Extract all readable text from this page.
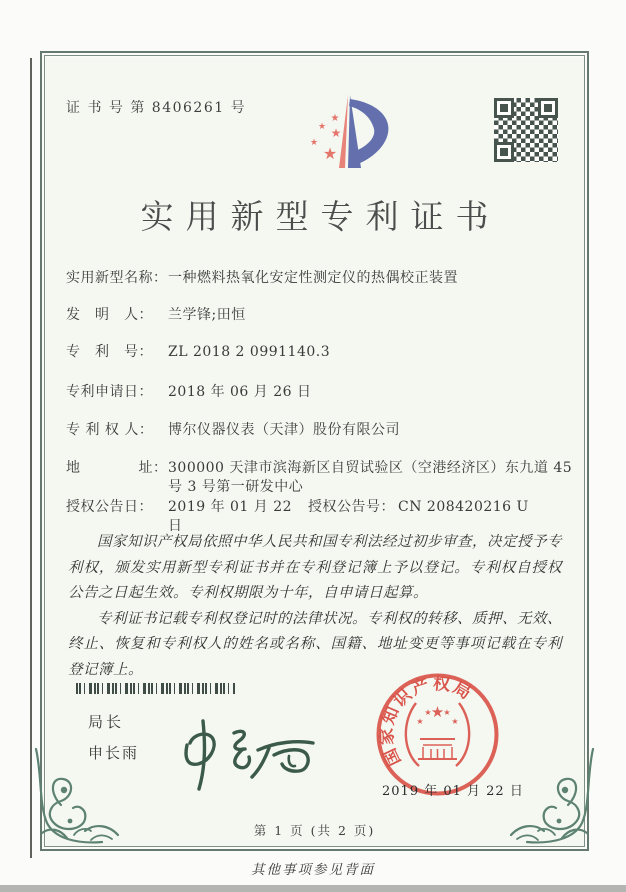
证 书 号 第 8406261 号
★
★ ★
★
★
实用新型专利证书
实用新型名称： 一种燃料热氧化安定性测定仪的热偶校正装置
发　明　人：	兰学锋;田恒
专　利　号：	ZL 2018 2 0991140.3
专利申请日：	2018 年 06 月 26 日
专 利 权 人：	博尔仪器仪表（天津）股份有限公司
地　　　　址： 300000 天津市滨海新区自贸试验区（空港经济区）东九道 45 号 3 号第一研发中心
授权公告日：	2019 年 01 月 22 日
授权公告号： CN 208420216 U

国家知识产权局依照中华人民共和国专利法经过初步审查，决定授予专利权，颁发实用新型专利证书并在专利登记簿上予以登记。专利权自授权公告之日起生效。专利权期限为十年，自申请日起算。

专利证书记载专利权登记时的法律状况。专利权的转移、质押、无效、终止、恢复和专利权人的姓名或名称、国籍、地址变更等事项记载在专利登记簿上。

局长
申长雨	国家知识产权局
★
★
★ ★
★
2019 年 01 月 22 日
第 1 页 (共 2 页)
其他事项参见背面
